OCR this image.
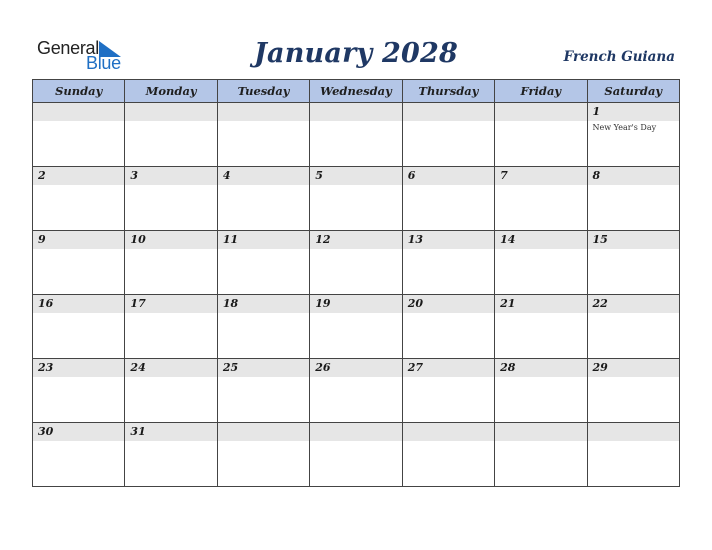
General
Blue	January 2028	French Guiana
Sunday	Monday	Tuesday	Wednesday	Thursday	Friday	Saturday

						1
New Year's Day

2	3	4	5	6	7	8

9	10	11	12	13	14	15

16	17	18	19	20	21	22

23	24	25	26	27	28	29

30	31					
